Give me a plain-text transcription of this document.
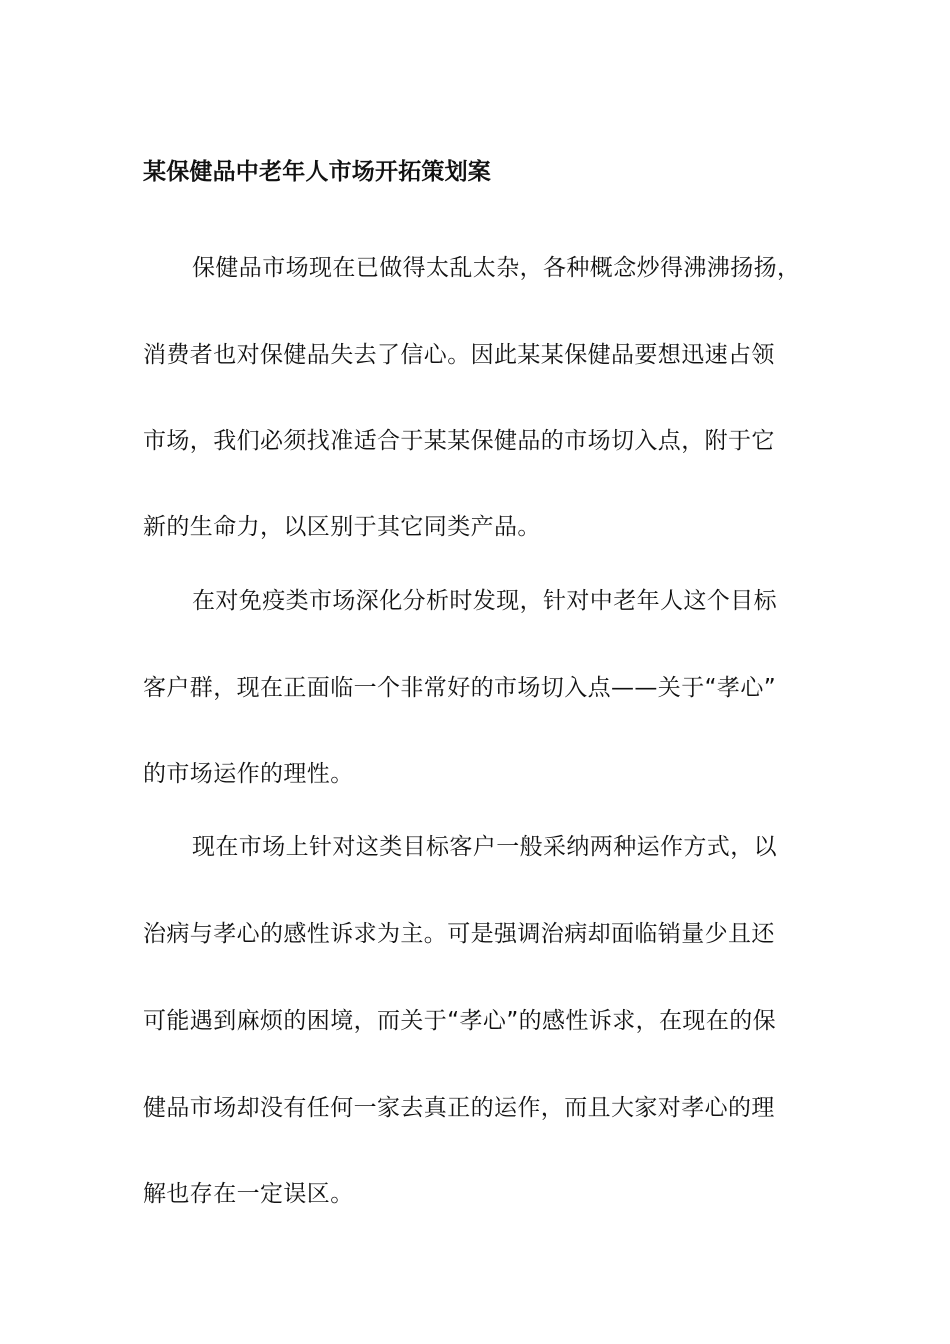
某保健品中老年人市场开拓策划案
保健品市场现在已做得太乱太杂，各种概念炒得沸沸扬扬，
消费者也对保健品失去了信心。因此某某保健品要想迅速占领
市场，我们必须找准适合于某某保健品的市场切入点，附于它
新的生命力，以区别于其它同类产品。
在对免疫类市场深化分析时发现，针对中老年人这个目标
客户群，现在正面临一个非常好的市场切入点——关于“孝心”
的市场运作的理性。
现在市场上针对这类目标客户一般采纳两种运作方式，以
治病与孝心的感性诉求为主。可是强调治病却面临销量少且还
可能遇到麻烦的困境，而关于“孝心”的感性诉求，在现在的保
健品市场却没有任何一家去真正的运作，而且大家对孝心的理
解也存在一定误区。
